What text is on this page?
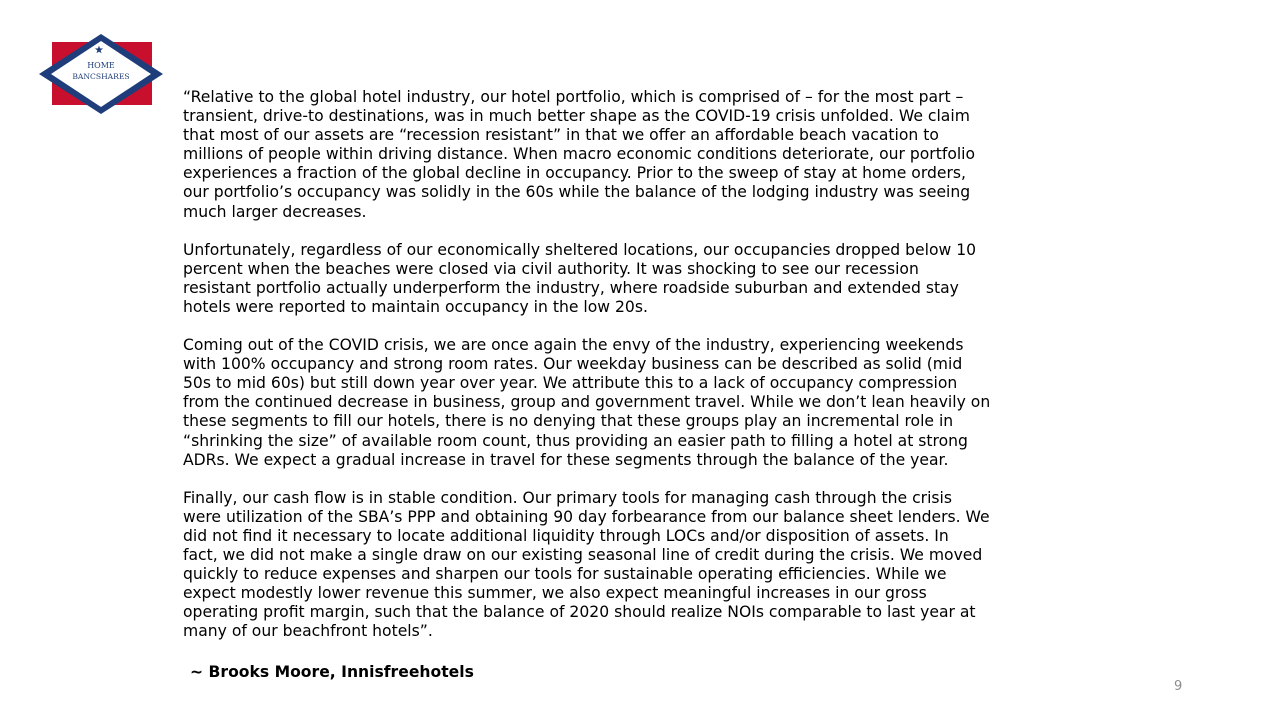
HOME
BANCSHARES

“Relative to the global hotel industry, our hotel portfolio, which is comprised of – for the most part –
transient, drive-to destinations, was in much better shape as the COVID-19 crisis unfolded. We claim
that most of our assets are “recession resistant” in that we offer an affordable beach vacation to
millions of people within driving distance. When macro economic conditions deteriorate, our portfolio
experiences a fraction of the global decline in occupancy. Prior to the sweep of stay at home orders,
our portfolio’s occupancy was solidly in the 60s while the balance of the lodging industry was seeing
much larger decreases.

Unfortunately, regardless of our economically sheltered locations, our occupancies dropped below 10
percent when the beaches were closed via civil authority. It was shocking to see our recession
resistant portfolio actually underperform the industry, where roadside suburban and extended stay
hotels were reported to maintain occupancy in the low 20s.

Coming out of the COVID crisis, we are once again the envy of the industry, experiencing weekends
with 100% occupancy and strong room rates. Our weekday business can be described as solid (mid
50s to mid 60s) but still down year over year. We attribute this to a lack of occupancy compression
from the continued decrease in business, group and government travel. While we don’t lean heavily on
these segments to fill our hotels, there is no denying that these groups play an incremental role in
“shrinking the size” of available room count, thus providing an easier path to filling a hotel at strong
ADRs. We expect a gradual increase in travel for these segments through the balance of the year.

Finally, our cash flow is in stable condition. Our primary tools for managing cash through the crisis
were utilization of the SBA’s PPP and obtaining 90 day forbearance from our balance sheet lenders. We
did not find it necessary to locate additional liquidity through LOCs and/or disposition of assets. In
fact, we did not make a single draw on our existing seasonal line of credit during the crisis. We moved
quickly to reduce expenses and sharpen our tools for sustainable operating efficiencies. While we
expect modestly lower revenue this summer, we also expect meaningful increases in our gross
operating profit margin, such that the balance of 2020 should realize NOIs comparable to last year at
many of our beachfront hotels”.

~ Brooks Moore, Innisfreehotels
9
